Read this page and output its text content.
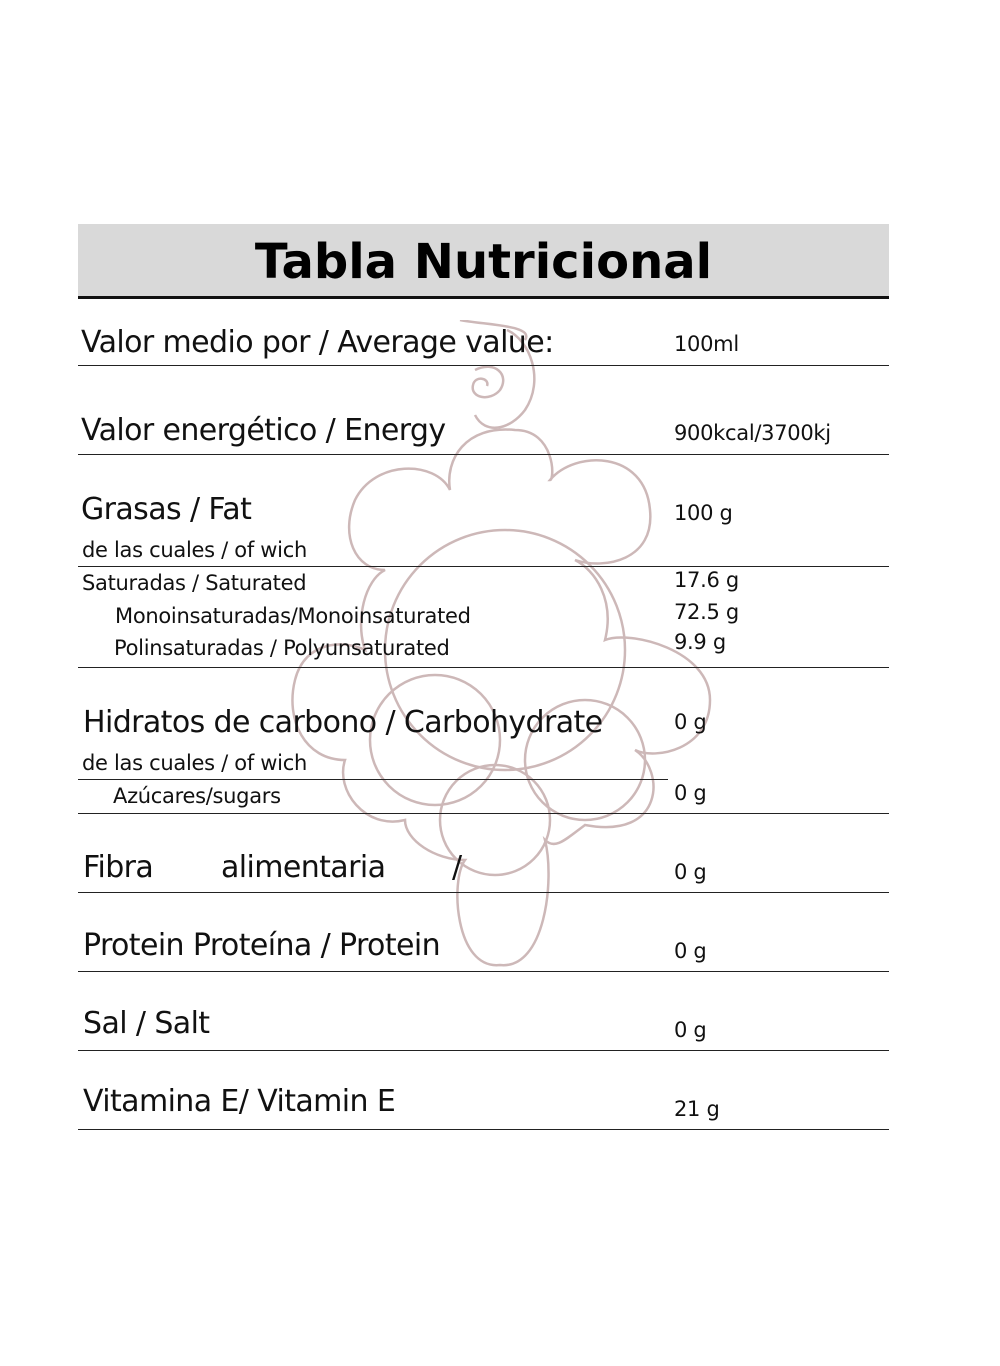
Tabla Nutricional
Valor medio por / Average value:	100ml
Valor energético / Energy	900kcal/3700kj
Grasas / Fat	100 g
de las cuales / of wich
Saturadas / Saturated	17.6 g
Monoinsaturadas/Monoinsaturated	72.5 g
Polinsaturadas / Polyunsaturated	9.9 g
Hidratos de carbono / Carbohydrate	0 g
de las cuales / of wich
Azúcares/sugars	0 g
Fibra alimentaria /	0 g
Protein Proteína / Protein	0 g
Sal / Salt	0 g
Vitamina E/ Vitamin E	21 g
